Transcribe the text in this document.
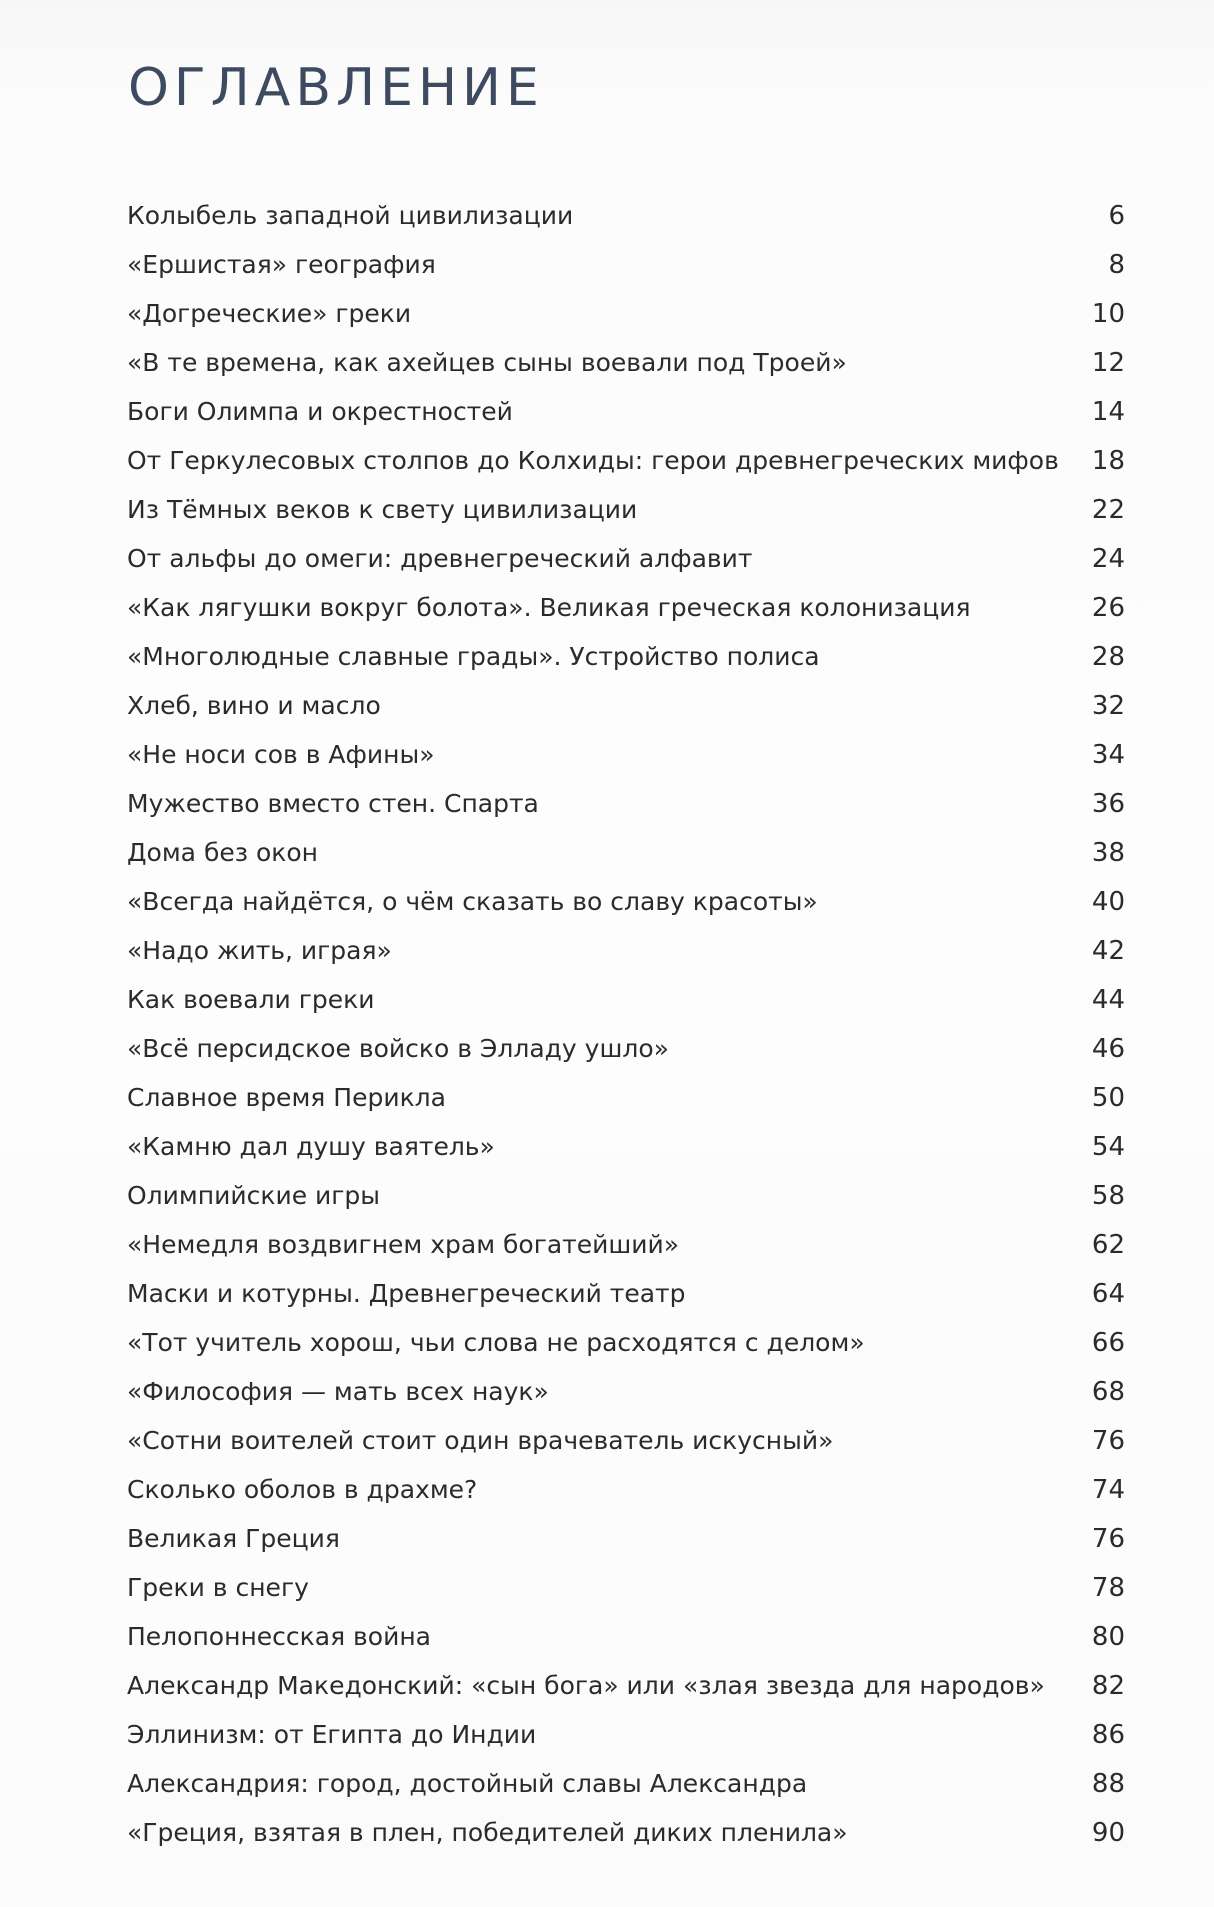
ОГЛАВЛЕНИЕ
Колыбель западной цивилизации	6
«Ершистая» география	8
«Догреческие» греки	10
«В те времена, как ахейцев сыны воевали под Троей»	12
Боги Олимпа и окрестностей	14
От Геркулесовых столпов до Колхиды: герои древнегреческих мифов	18
Из Тёмных веков к свету цивилизации	22
От альфы до омеги: древнегреческий алфавит	24
«Как лягушки вокруг болота». Великая греческая колонизация	26
«Многолюдные славные грады». Устройство полиса	28
Хлеб, вино и масло	32
«Не носи сов в Афины»	34
Мужество вместо стен. Спарта	36
Дома без окон	38
«Всегда найдётся, о чём сказать во славу красоты»	40
«Надо жить, играя»	42
Как воевали греки	44
«Всё персидское войско в Элладу ушло»	46
Славное время Перикла	50
«Камню дал душу ваятель»	54
Олимпийские игры	58
«Немедля воздвигнем храм богатейший»	62
Маски и котурны. Древнегреческий театр	64
«Тот учитель хорош, чьи слова не расходятся с делом»	66
«Философия — мать всех наук»	68
«Сотни воителей стоит один врачеватель искусный»	76
Сколько оболов в драхме?	74
Великая Греция	76
Греки в снегу	78
Пелопоннесская война	80
Александр Македонский: «сын бога» или «злая звезда для народов»	82
Эллинизм: от Египта до Индии	86
Александрия: город, достойный славы Александра	88
«Греция, взятая в плен, победителей диких пленила»	90
